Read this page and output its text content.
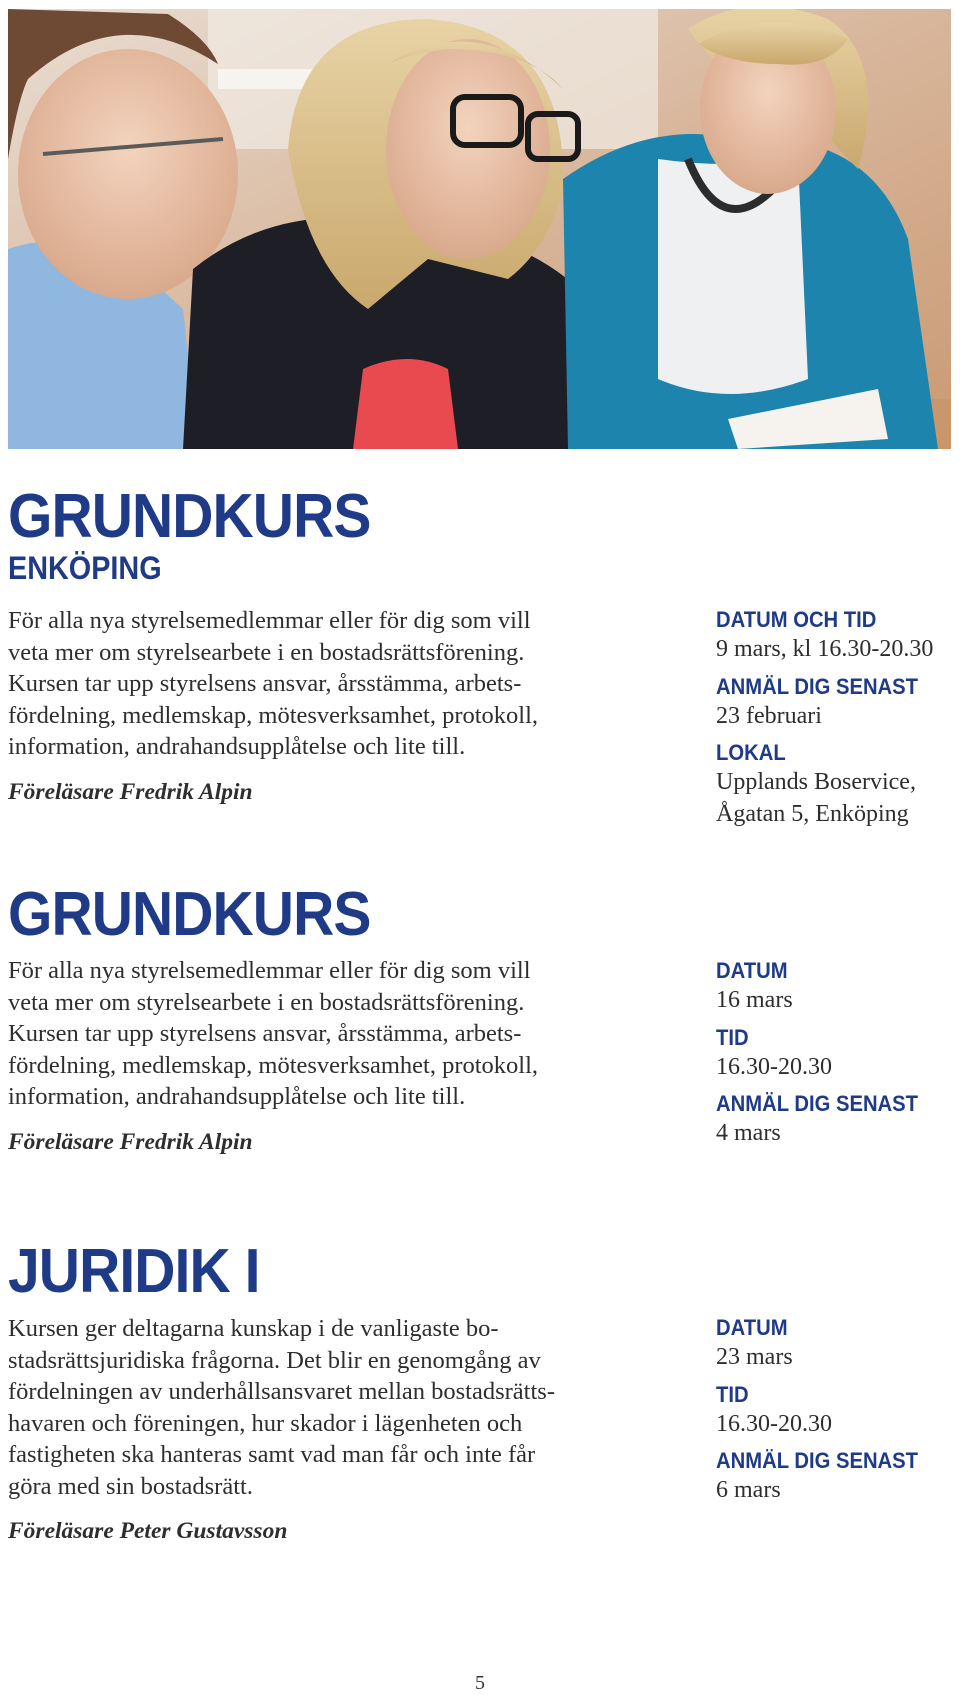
GRUNDKURS
ENKÖPING
För alla nya styrelsemedlemmar eller för dig som vill
veta mer om styrelsearbete i en bostadsrättsförening.
Kursen tar upp styrelsens ansvar, årsstämma, arbets-
fördelning, medlemskap, mötesverksamhet, protokoll,
information, andrahandsupplåtelse och lite till.
Föreläsare Fredrik Alpin
DATUM OCH TID
9 mars, kl 16.30-20.30
ANMÄL DIG SENAST
23 februari
LOKAL
Upplands Boservice,
Ågatan 5, Enköping
GRUNDKURS
För alla nya styrelsemedlemmar eller för dig som vill
veta mer om styrelsearbete i en bostadsrättsförening.
Kursen tar upp styrelsens ansvar, årsstämma, arbets-
fördelning, medlemskap, mötesverksamhet, protokoll,
information, andrahandsupplåtelse och lite till.
Föreläsare Fredrik Alpin
DATUM
16 mars
TID
16.30-20.30
ANMÄL DIG SENAST
4 mars
JURIDIK I
Kursen ger deltagarna kunskap i de vanligaste bo-
stadsrättsjuridiska frågorna. Det blir en genomgång av
fördelningen av underhållsansvaret mellan bostadsrätts-
havaren och föreningen, hur skador i lägenheten och
fastigheten ska hanteras samt vad man får och inte får
göra med sin bostadsrätt.
Föreläsare Peter Gustavsson
DATUM
23 mars
TID
16.30-20.30
ANMÄL DIG SENAST
6 mars
5
